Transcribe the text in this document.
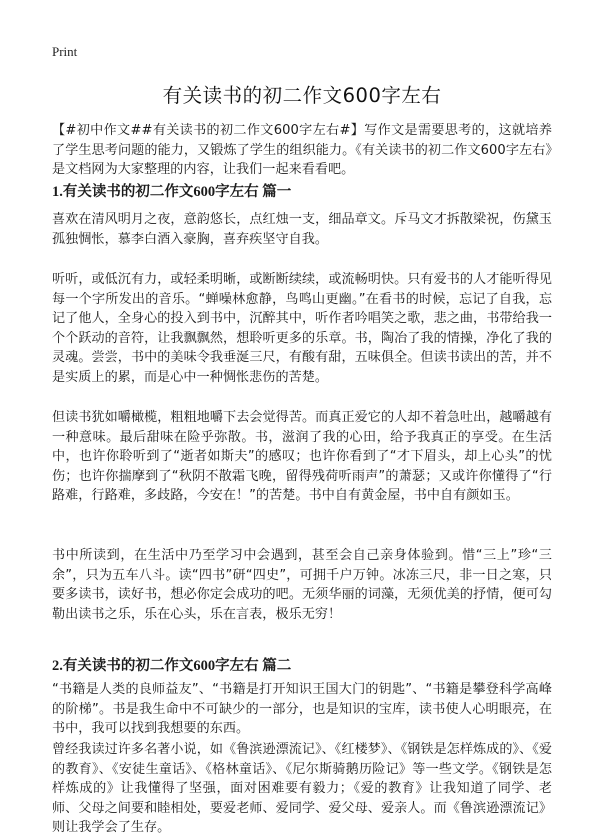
Print
有关读书的初二作文600字左右
【#初中作文##有关读书的初二作文600字左右#】写作文是需要思考的，这就培养了学生思考问题的能力，又锻炼了学生的组织能力。《有关读书的初二作文600字左右》是文档网为大家整理的内容，让我们一起来看看吧。
1.有关读书的初二作文600字左右 篇一
喜欢在清风明月之夜，意韵悠长，点红烛一支，细品章文。斥马文才拆散梁祝，伤黛玉孤独惆怅，慕李白酒入豪胸，喜弃疾坚守自我。
听听，或低沉有力，或轻柔明晰，或断断续续，或流畅明快。只有爱书的人才能听得见每一个字所发出的音乐。“蝉噪林愈静，鸟鸣山更幽。”在看书的时候，忘记了自我，忘记了他人，全身心的投入到书中，沉醉其中，听作者吟唱笑之歌，悲之曲，书带给我一个个跃动的音符，让我飘飘然，想聆听更多的乐章。书，陶冶了我的情操，净化了我的灵魂。尝尝，书中的美味令我垂涎三尺，有酸有甜，五味俱全。但读书读出的苦，并不是实质上的累，而是心中一种惆怅悲伤的苦楚。
但读书犹如嚼橄榄，粗粗地嚼下去会觉得苦。而真正爱它的人却不着急吐出，越嚼越有一种意味。最后甜味在险乎弥散。书，滋润了我的心田，给予我真正的享受。在生活中，也许你聆听到了“逝者如斯夫”的感叹；也许你看到了“才下眉头，却上心头”的忧伤；也许你揣摩到了“秋阴不散霜飞晚，留得残荷听雨声”的萧瑟；又或许你懂得了“行路难，行路难，多歧路，今安在！”的苦楚。书中自有黄金屋，书中自有颜如玉。
书中所读到，在生活中乃至学习中会遇到，甚至会自己亲身体验到。惜“三上”珍“三余”，只为五车八斗。读“四书”研“四史”，可拥千户万钟。冰冻三尺，非一日之寒，只要多读书，读好书，想必你定会成功的吧。无须华丽的词藻，无须优美的抒情，便可勾勒出读书之乐，乐在心头，乐在言表，极乐无穷！
2.有关读书的初二作文600字左右 篇二
“书籍是人类的良师益友”、“书籍是打开知识王国大门的钥匙”、“书籍是攀登科学高峰的阶梯”。书是我生命中不可缺少的一部分，也是知识的宝库，读书使人心明眼亮，在书中，我可以找到我想要的东西。
曾经我读过许多名著小说，如《鲁滨逊漂流记》、《红楼梦》、《钢铁是怎样炼成的》、《爱的教育》、《安徒生童话》、《格林童话》、《尼尔斯骑鹅历险记》等一些文学。《钢铁是怎样炼成的》让我懂得了坚强，面对困难要有毅力；《爱的教育》让我知道了同学、老师、父母之间要和睦相处，要爱老师、爱同学、爱父母、爱亲人。而《鲁滨逊漂流记》则让我学会了生存。
